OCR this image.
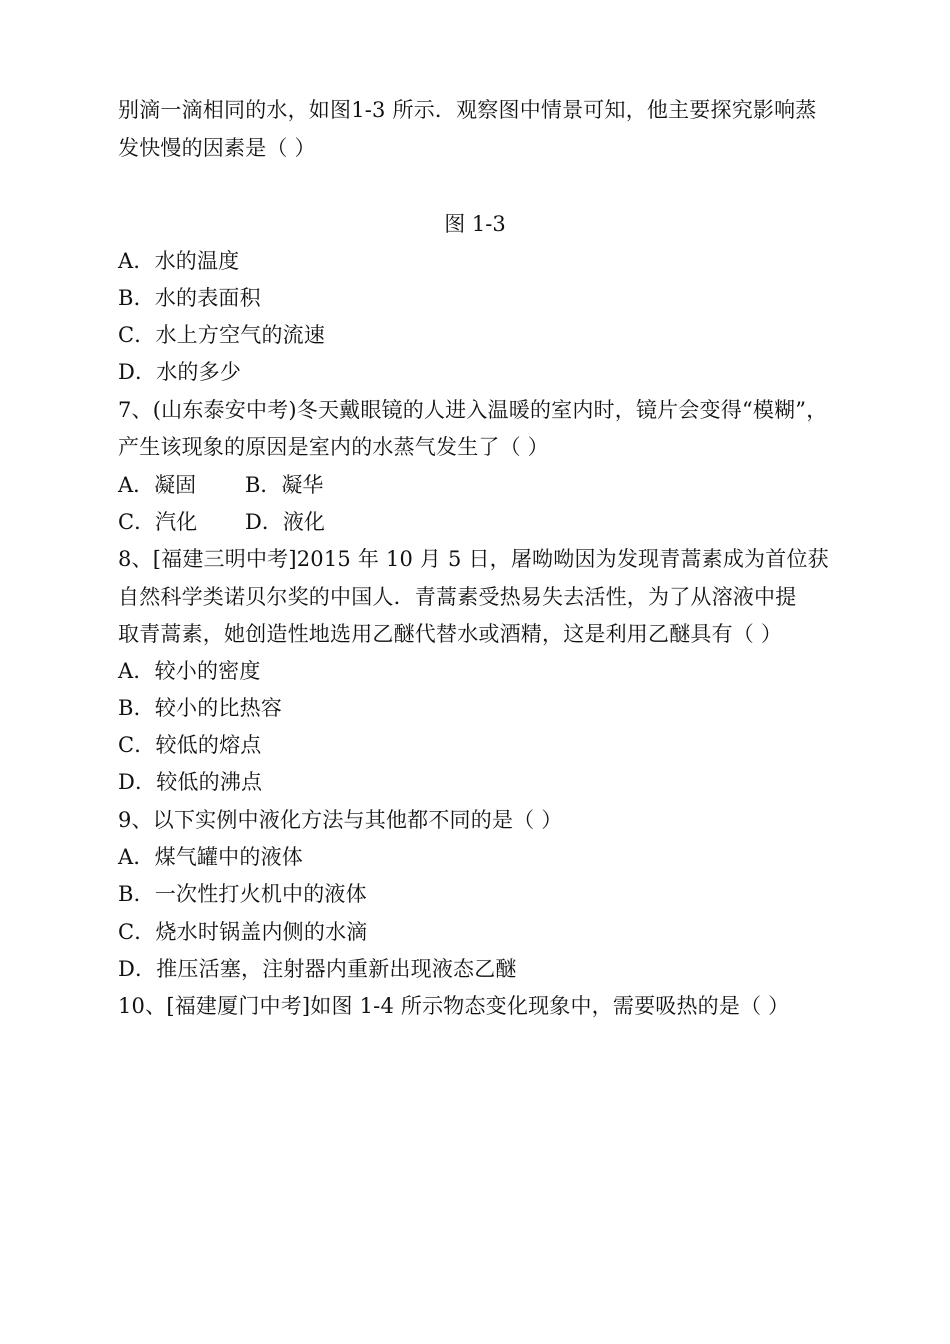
别滴一滴相同的水，如图1-3 所示．观察图中情景可知，他主要探究影响蒸
发快慢的因素是（ ）
图 1-3
A．水的温度
B．水的表面积
C．水上方空气的流速
D．水的多少
7、(山东泰安中考)冬天戴眼镜的人进入温暖的室内时，镜片会变得“模糊”，
产生该现象的原因是室内的水蒸气发生了（ ）
A．凝固 B．凝华
C．汽化 D．液化
8、[福建三明中考]2015 年 10 月 5 日，屠呦呦因为发现青蒿素成为首位获
自然科学类诺贝尔奖的中国人．青蒿素受热易失去活性，为了从溶液中提
取青蒿素，她创造性地选用乙醚代替水或酒精，这是利用乙醚具有（ ）
A．较小的密度
B．较小的比热容
C．较低的熔点
D．较低的沸点
9、以下实例中液化方法与其他都不同的是（ ）
A．煤气罐中的液体
B．一次性打火机中的液体
C．烧水时锅盖内侧的水滴
D．推压活塞，注射器内重新出现液态乙醚
10、[福建厦门中考]如图 1-4 所示物态变化现象中，需要吸热的是（ ）
